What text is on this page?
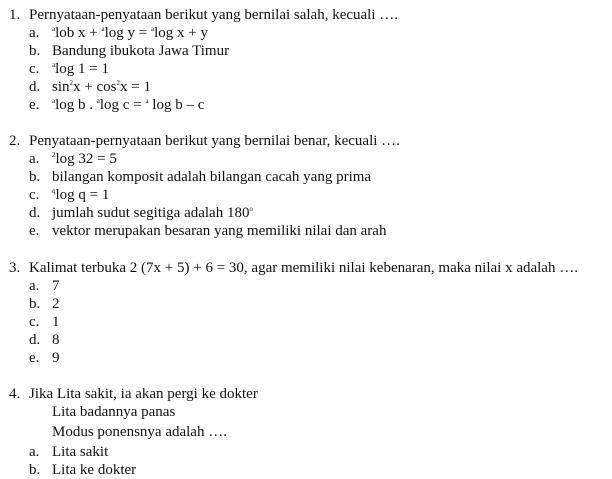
1. Pernyataan-penyataan berikut yang bernilai salah, kecuali ….
a. $^a$lob x + $^a$log y = $^a$log x + y
b. Bandung ibukota Jawa Timur
c. $^a$log 1 = 1
d. $\sin^2x + \cos^2x = 1$
e. $^a$log b . $^a$log c = $^a$ log b – c
2. Penyataan-pernyataan berikut yang bernilai benar, kecuali ….
a. $^2$log 32 = 5
b. bilangan komposit adalah bilangan cacah yang prima
c. $^q$log q = 1
d. jumlah sudut segitiga adalah 180$^o$
e. vektor merupakan besaran yang memiliki nilai dan arah
3. Kalimat terbuka 2 (7x + 5) + 6 = 30, agar memiliki nilai kebenaran, maka nilai x adalah ….
a. 7
b. 2
c. 1
d. 8
e. 9
4. Jika Lita sakit, ia akan pergi ke dokter
Lita badannya panas
Modus ponensnya adalah ….
a. Lita sakit
b. Lita ke dokter
